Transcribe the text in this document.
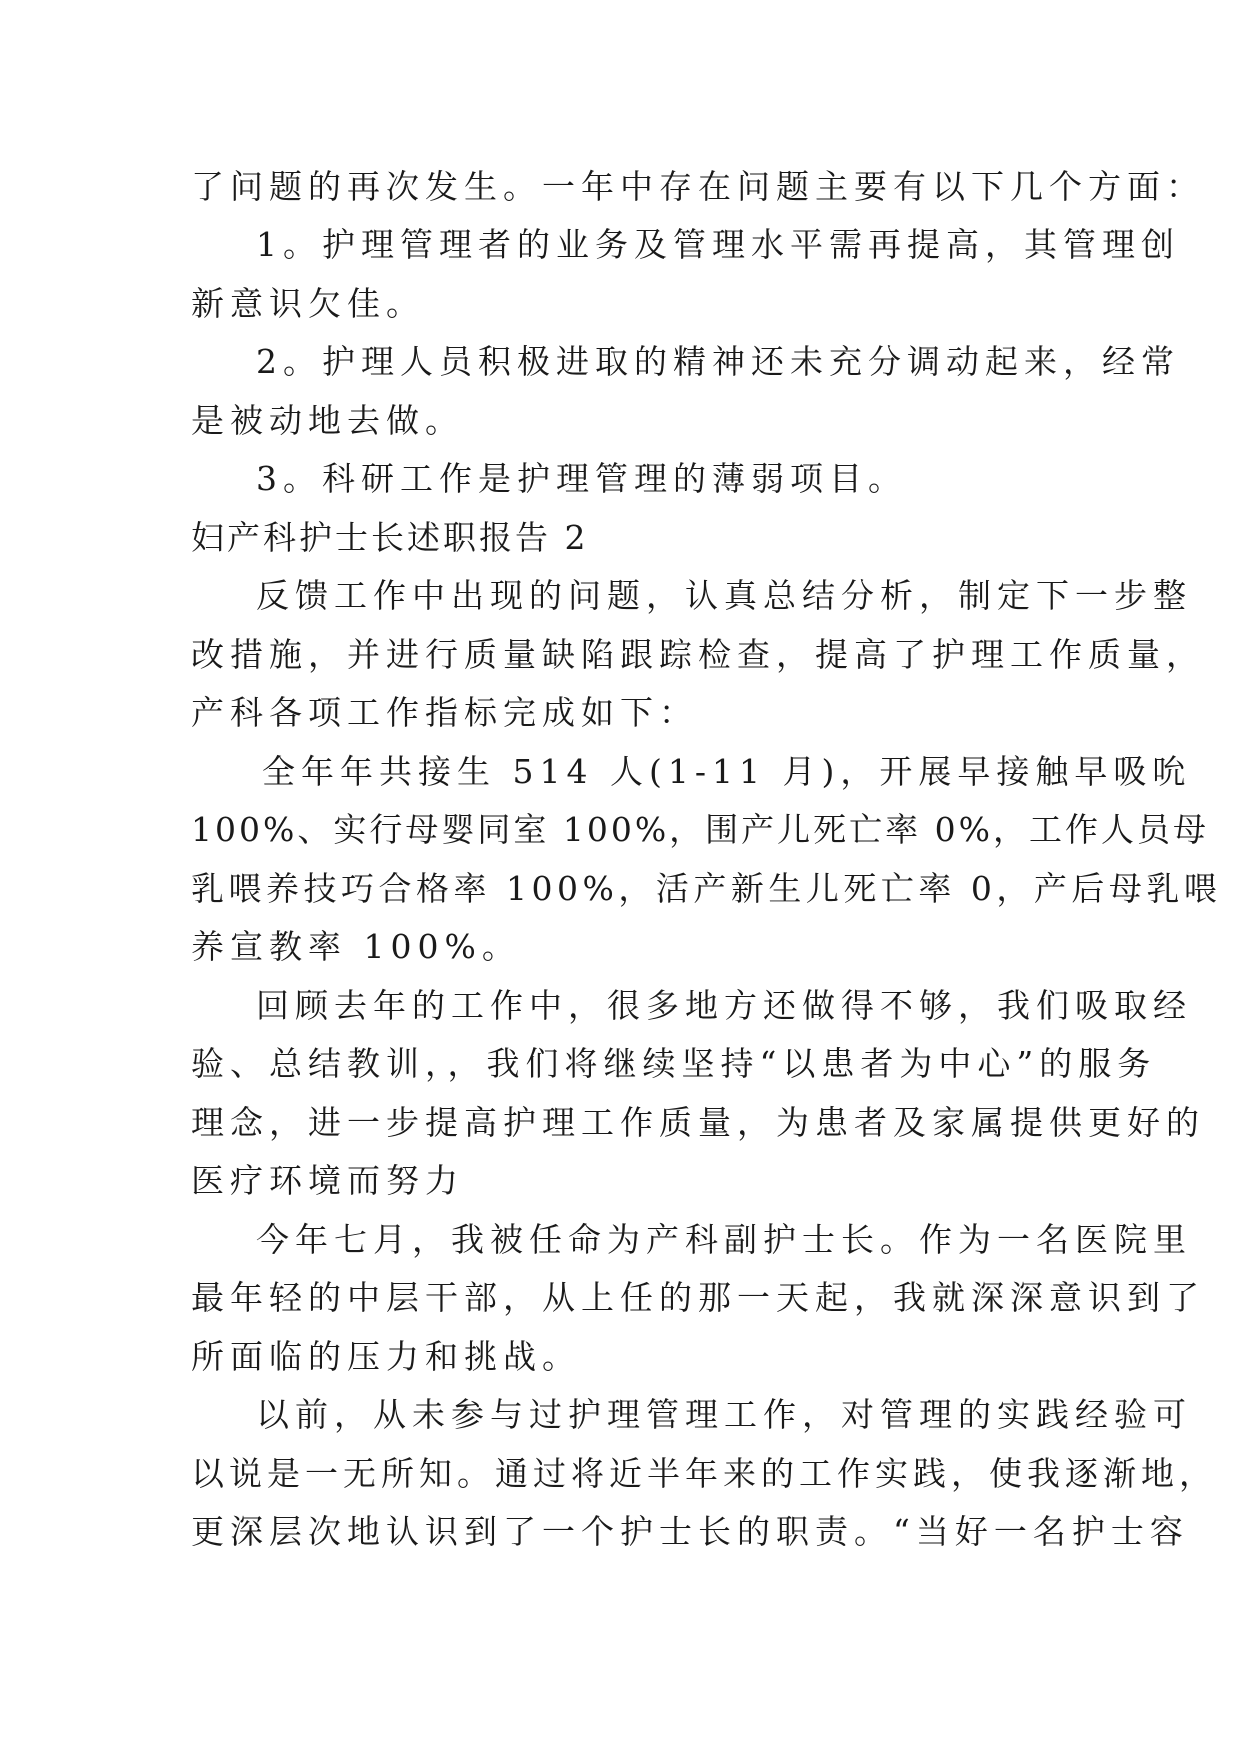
了问题的再次发生。一年中存在问题主要有以下几个方面：
1。护理管理者的业务及管理水平需再提高，其管理创
新意识欠佳。
2。护理人员积极进取的精神还未充分调动起来，经常
是被动地去做。
3。科研工作是护理管理的薄弱项目。
妇产科护士长述职报告 2
反馈工作中出现的问题，认真总结分析，制定下一步整
改措施，并进行质量缺陷跟踪检查，提高了护理工作质量，
产科各项工作指标完成如下：
全年年共接生 514 人(1-11 月)，开展早接触早吸吮
100%、实行母婴同室 100%，围产儿死亡率 0%，工作人员母
乳喂养技巧合格率 100%，活产新生儿死亡率 0，产后母乳喂
养宣教率 100%。
回顾去年的工作中，很多地方还做得不够，我们吸取经
验、总结教训，，我们将继续坚持“以患者为中心”的服务
理念，进一步提高护理工作质量，为患者及家属提供更好的
医疗环境而努力
今年七月，我被任命为产科副护士长。作为一名医院里
最年轻的中层干部，从上任的那一天起，我就深深意识到了
所面临的压力和挑战。
以前，从未参与过护理管理工作，对管理的实践经验可
以说是一无所知。通过将近半年来的工作实践，使我逐渐地，
更深层次地认识到了一个护士长的职责。“当好一名护士容
